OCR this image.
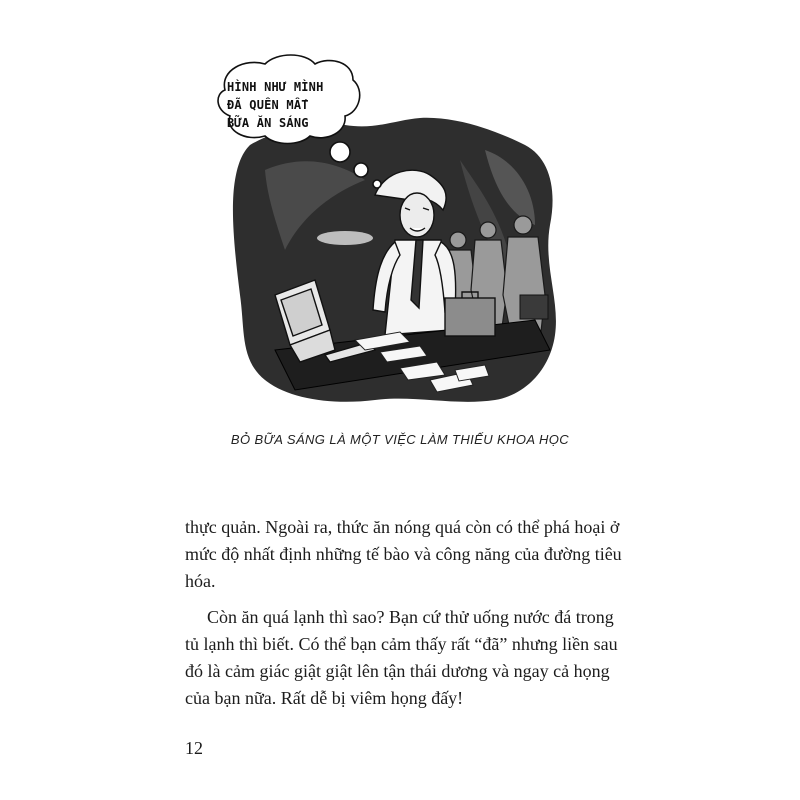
HÌNH NHƯ MÌNH
ĐÃ QUÊN MẤT
BỮA ĂN SÁNG
BỎ BỮA SÁNG LÀ MỘT VIỆC LÀM THIẾU KHOA HỌC

thực quản. Ngoài ra, thức ăn nóng quá còn có thể phá hoại ở mức độ nhất định những tế bào và công năng của đường tiêu hóa.

Còn ăn quá lạnh thì sao? Bạn cứ thử uống nước đá trong tủ lạnh thì biết. Có thể bạn cảm thấy rất “đã” nhưng liền sau đó là cảm giác giật giật lên tận thái dương và ngay cả họng của bạn nữa. Rất dễ bị viêm họng đấy!

12
